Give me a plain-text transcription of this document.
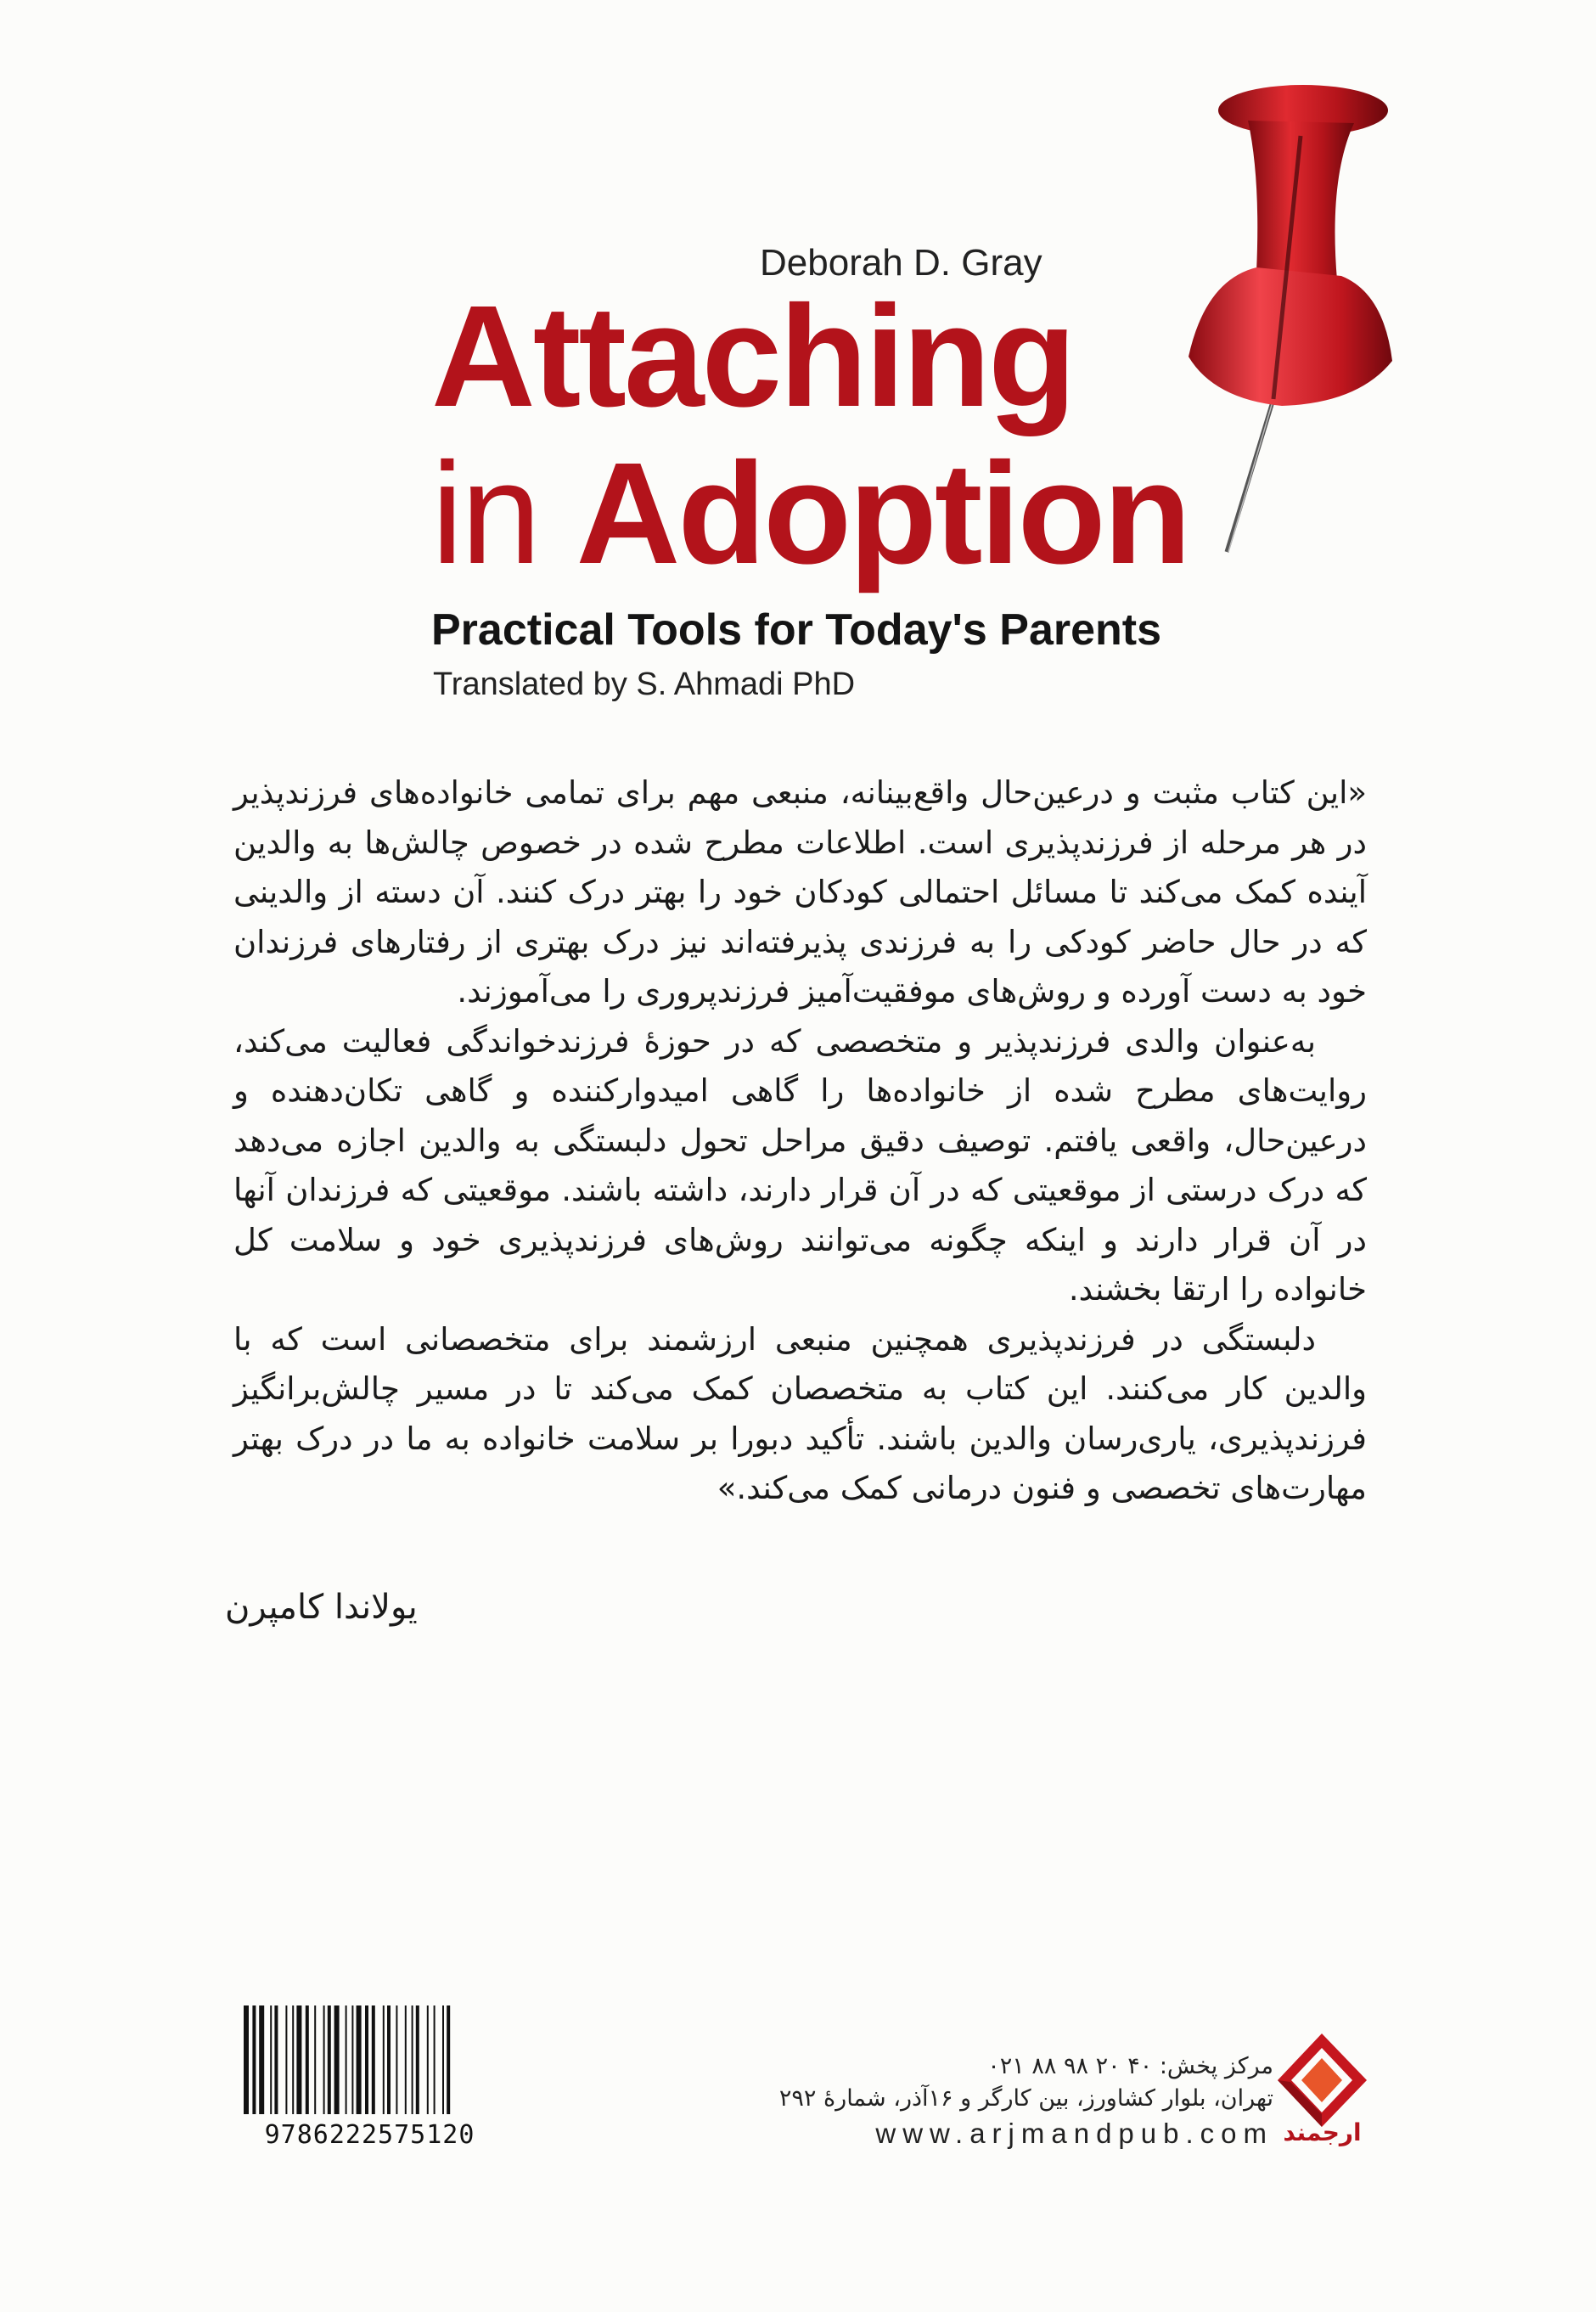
Deborah D. Gray
Attaching
in Adoption
Practical Tools for Today's Parents
Translated by S. Ahmadi PhD

«این کتاب مثبت و درعین‌حال واقع‌بینانه، منبعی مهم برای تمامی خانواده‌های فرزندپذیر در هر مرحله از فرزندپذیری است. اطلاعات مطرح شده در خصوص چالش‌ها به والدین آینده کمک می‌کند تا مسائل احتمالی کودکان خود را بهتر درک کنند. آن دسته از والدینی که در حال حاضر کودکی را به فرزندی پذیرفته‌اند نیز درک بهتری از رفتارهای فرزندان خود به دست آورده و روش‌های موفقیت‌آمیز فرزندپروری را می‌آموزند.

به‌عنوان والدی فرزندپذیر و متخصصی که در حوزهٔ فرزندخواندگی فعالیت می‌کند، روایت‌های مطرح شده از خانواده‌ها را گاهی امیدوارکننده و گاهی تکان‌دهنده و درعین‌حال، واقعی یافتم. توصیف دقیق مراحل تحول دلبستگی به والدین اجازه می‌دهد که درک درستی از موقعیتی که در آن قرار دارند، داشته باشند. موقعیتی که فرزندان آنها در آن قرار دارند و اینکه چگونه می‌توانند روش‌های فرزندپذیری خود و سلامت کل خانواده را ارتقا بخشند.

دلبستگی در فرزندپذیری همچنین منبعی ارزشمند برای متخصصانی است که با والدین کار می‌کنند. این کتاب به متخصصان کمک می‌کند تا در مسیر چالش‌برانگیز فرزندپذیری، یاری‌رسان والدین باشند. تأکید دبورا بر سلامت خانواده به ما در درک بهتر مهارت‌های تخصصی و فنون درمانی کمک می‌کند.»

یولاندا کامپرن
9786222575120
مرکز پخش: ۴۰ ۲۰ ۹۸ ۸۸ ۰۲۱
تهران، بلوار کشاورز، بین کارگر و ۱۶آذر، شمارهٔ ۲۹۲
www.arjmandpub.com ارجمند
